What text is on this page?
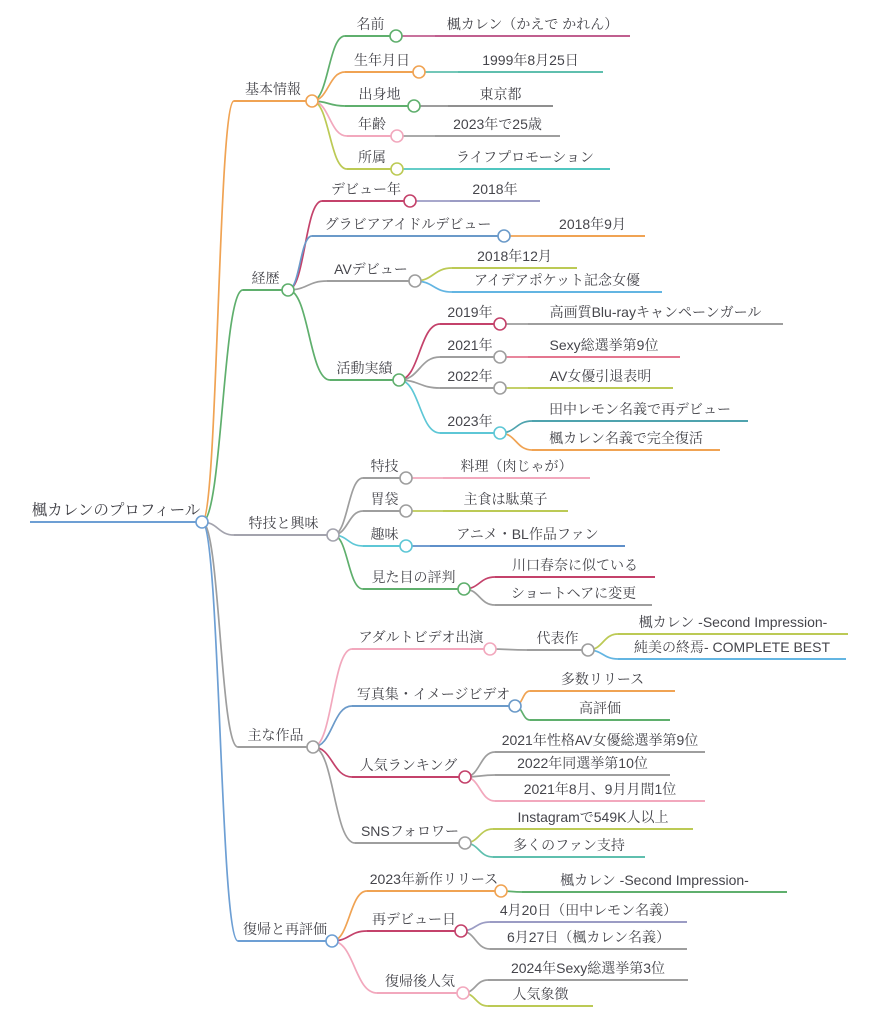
楓カレンのプロフィール
基本情報
名前	楓カレン（かえで かれん）
生年月日	1999年8月25日
出身地	東京都
年齢	2023年で25歳
所属	ライフプロモーション
経歴
デビュー年	2018年
グラビアアイドルデビュー	2018年9月
AVデビュー
2018年12月
アイデアポケット記念女優
活動実績
2019年	高画質Blu-rayキャンペーンガール
2021年	Sexy総選挙第9位
2022年	AV女優引退表明
2023年
田中レモン名義で再デビュー
楓カレン名義で完全復活
特技と興味
特技	料理（肉じゃが）
胃袋	主食は駄菓子
趣味	アニメ・BL作品ファン
見た目の評判
川口春奈に似ている
ショートヘアに変更
主な作品
アダルトビデオ出演	代表作
楓カレン -Second Impression-
純美の終焉- COMPLETE BEST
写真集・イメージビデオ
多数リリース
高評価
人気ランキング
2021年性格AV女優総選挙第9位
2022年同選挙第10位
2021年8月、9月月間1位
SNSフォロワー
Instagramで549K人以上
多くのファン支持
復帰と再評価
2023年新作リリース	楓カレン -Second Impression-
再デビュー日
4月20日（田中レモン名義）
6月27日（楓カレン名義）
復帰後人気
2024年Sexy総選挙第3位
人気象徴
